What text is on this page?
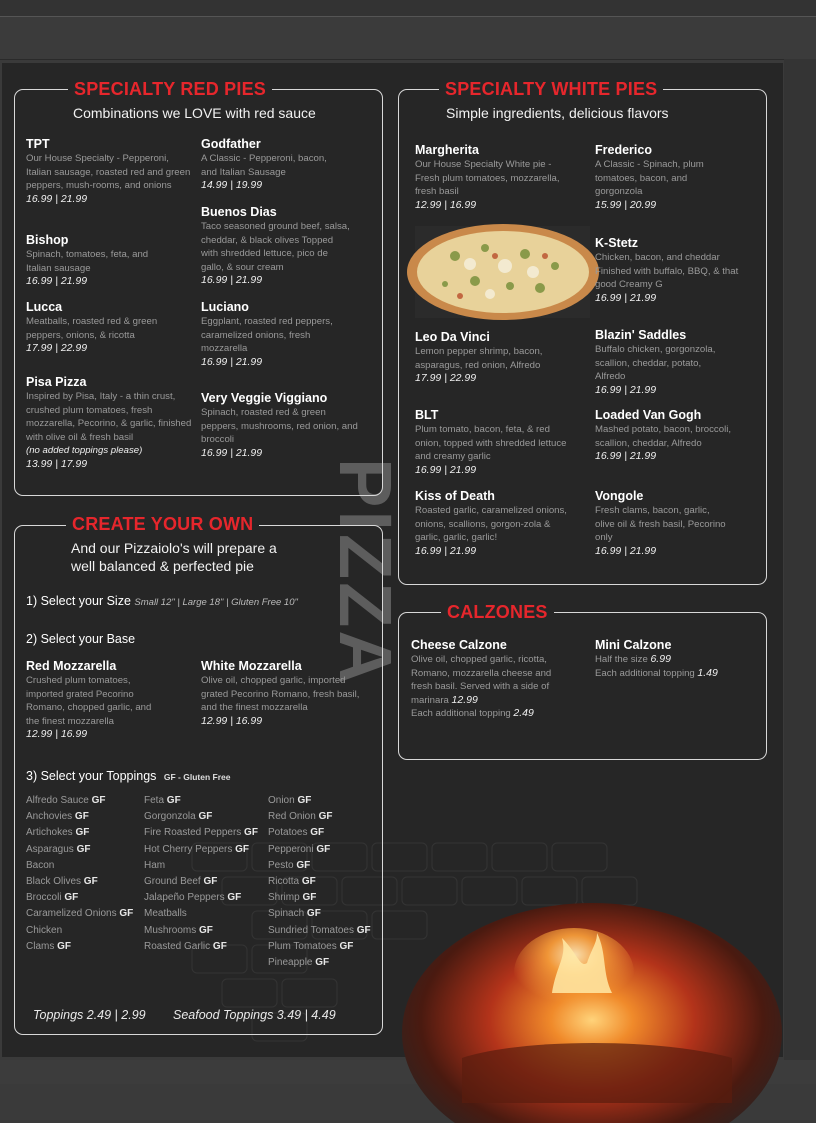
PIZZA
SPECIALTY RED PIES
Combinations we LOVE with red sauce
TPT
Our House Specialty - Pepperoni, Italian sausage, roasted red and green peppers, mush-rooms, and onions
16.99 | 21.99
Bishop
Spinach, tomatoes, feta, and Italian sausage
16.99 | 21.99
Lucca
Meatballs, roasted red & green peppers, onions, & ricotta
17.99 | 22.99
Pisa Pizza
Inspired by Pisa, Italy - a thin crust, crushed plum tomatoes, fresh mozzarella, Pecorino, & garlic, finished with olive oil & fresh basil
(no added toppings please)
13.99 | 17.99
Godfather
A Classic - Pepperoni, bacon, and Italian Sausage
14.99 | 19.99
Buenos Dias
Taco seasoned ground beef, salsa, cheddar, & black olives Topped with shredded lettuce, pico de gallo, & sour cream
16.99 | 21.99
Luciano
Eggplant, roasted red peppers, caramelized onions, fresh mozzarella
16.99 | 21.99
Very Veggie Viggiano
Spinach, roasted red & green peppers, mushrooms, red onion, and broccoli
16.99 | 21.99
SPECIALTY WHITE PIES
Simple ingredients, delicious flavors
Margherita
Our House Specialty White pie - Fresh plum tomatoes, mozzarella, fresh basil
12.99 | 16.99
Leo Da Vinci
Lemon pepper shrimp, bacon, asparagus, red onion, Alfredo
17.99 | 22.99
BLT
Plum tomato, bacon, feta, & red onion, topped with shredded lettuce and creamy garlic
16.99 | 21.99
Kiss of Death
Roasted garlic, caramelized onions, onions, scallions, gorgon-zola & garlic, garlic, garlic!
16.99 | 21.99
Frederico
A Classic - Spinach, plum tomatoes, bacon, and gorgonzola
15.99 | 20.99
K-Stetz
Chicken, bacon, and cheddar Finished with buffalo, BBQ, & that good Creamy G
16.99 | 21.99
Blazin' Saddles
Buffalo chicken, gorgonzola, scallion, cheddar, potato, Alfredo
16.99 | 21.99
Loaded Van Gogh
Mashed potato, bacon, broccoli, scallion, cheddar, Alfredo
16.99 | 21.99
Vongole
Fresh clams, bacon, garlic, olive oil & fresh basil, Pecorino only
16.99 | 21.99
CREATE YOUR OWN
And our Pizzaiolo's will prepare a
well balanced & perfected pie
1) Select your Size Small 12" | Large 18" | Gluten Free 10"
2) Select your Base
Red Mozzarella
Crushed plum tomatoes, imported grated Pecorino Romano, chopped garlic, and the finest mozzarella
12.99 | 16.99
White Mozzarella
Olive oil, chopped garlic, imported grated Pecorino Romano, fresh basil, and the finest mozzarella
12.99 | 16.99
3) Select your Toppings GF - Gluten Free
Alfredo Sauce GF
Anchovies GF
Artichokes GF
Asparagus GF
Bacon
Black Olives GF
Broccoli GF
Caramelized Onions GF
Chicken
Clams GF
Feta GF
Gorgonzola GF
Fire Roasted Peppers GF
Hot Cherry Peppers GF
Ham
Ground Beef GF
Jalapeño Peppers GF
Meatballs
Mushrooms GF
Roasted Garlic GF
Onion GF
Red Onion GF
Potatoes GF
Pepperoni GF
Pesto GF
Ricotta GF
Shrimp GF
Spinach GF
Sundried Tomatoes GF
Plum Tomatoes GF
Pineapple GF
Toppings 2.49 | 2.99 Seafood Toppings 3.49 | 4.49
CALZONES
Cheese Calzone
Olive oil, chopped garlic, ricotta, Romano, mozzarella cheese and fresh basil. Served with a side of marinara 12.99
Each additional topping 2.49
Mini Calzone
Half the size 6.99
Each additional topping 1.49
